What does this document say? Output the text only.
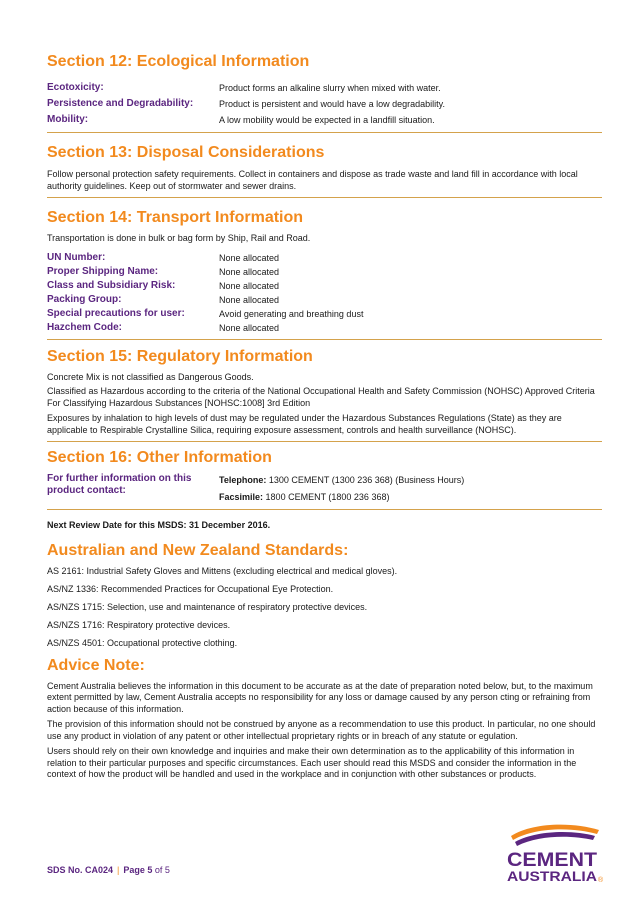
Section 12: Ecological Information
Ecotoxicity:	Product forms an alkaline slurry when mixed with water.
Persistence and Degradability:	Product is persistent and would have a low degradability.
Mobility:	A low mobility would be expected in a landfill situation.
Section 13: Disposal Considerations

Follow personal protection safety requirements. Collect in containers and dispose as trade waste and land fill in accordance with local authority guidelines. Keep out of stormwater and sewer drains.

Section 14: Transport Information

Transportation is done in bulk or bag form by Ship, Rail and Road.

UN Number:	None allocated
Proper Shipping Name:	None allocated
Class and Subsidiary Risk:	None allocated
Packing Group:	None allocated
Special precautions for user:	Avoid generating and breathing dust
Hazchem Code:	None allocated
Section 15: Regulatory Information

Concrete Mix is not classified as Dangerous Goods.

Classified as Hazardous according to the criteria of the National Occupational Health and Safety Commission (NOHSC) Approved Criteria For Classifying Hazardous Substances [NOHSC:1008] 3rd Edition

Exposures by inhalation to high levels of dust may be regulated under the Hazardous Substances Regulations (State) as they are applicable to Respirable Crystalline Silica, requiring exposure assessment, controls and health surveillance (NOHSC).

Section 16: Other Information
For further information on this product contact:
Telephone: 1300 CEMENT (1300 236 368) (Business Hours)
Facsimile: 1800 CEMENT (1800 236 368)

Next Review Date for this MSDS: 31 December 2016.

Australian and New Zealand Standards:
AS 2161: Industrial Safety Gloves and Mittens (excluding electrical and medical gloves).
AS/NZ 1336: Recommended Practices for Occupational Eye Protection.
AS/NZS 1715: Selection, use and maintenance of respiratory protective devices.
AS/NZS 1716: Respiratory protective devices.
AS/NZS 4501: Occupational protective clothing.
Advice Note:

Cement Australia believes the information in this document to be accurate as at the date of preparation noted below, but, to the maximum extent permitted by law, Cement Australia accepts no responsibility for any loss or damage caused by any person cting or refraining from action because of this information.

The provision of this information should not be construed by anyone as a recommendation to use this product. In particular, no one should use any product in violation of any patent or other intellectual proprietary rights or in breach of any statute or egulation.

Users should rely on their own knowledge and inquiries and make their own determination as to the applicability of this information in relation to their particular purposes and specific circumstances. Each user should read this MSDS and consider the information in the context of how the product will be handled and used in the workplace and in conjunction with other substances or products.

SDS No. CA024 | Page 5 of 5	CEMENT
AUSTRALIA ®
